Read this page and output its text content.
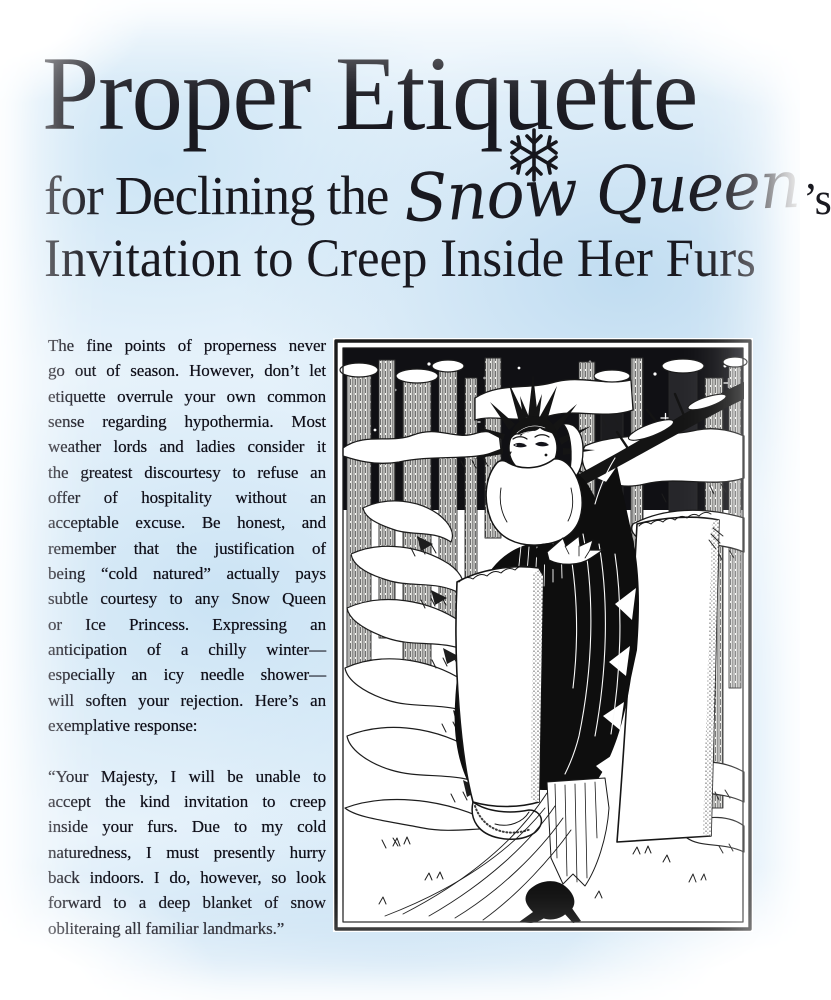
Proper Etiquette
for Declining the Snow Queen’s
Invitation to Creep Inside Her Furs
The fine points of properness never
go out of season. However, don’t let
etiquette overrule your own common
sense regarding hypothermia. Most
weather lords and ladies consider it
the greatest discourtesy to refuse an
offer of hospitality without an
acceptable excuse. Be honest, and
remember that the justification of
being “cold natured” actually pays
subtle courtesy to any Snow Queen
or Ice Princess. Expressing an
anticipation of a chilly winter—
especially an icy needle shower—
will soften your rejection. Here’s an
exemplative response:
“Your Majesty, I will be unable to
accept the kind invitation to creep
inside your furs. Due to my cold
naturedness, I must presently hurry
back indoors. I do, however, so look
forward to a deep blanket of snow
obliteraing all familiar landmarks.”
